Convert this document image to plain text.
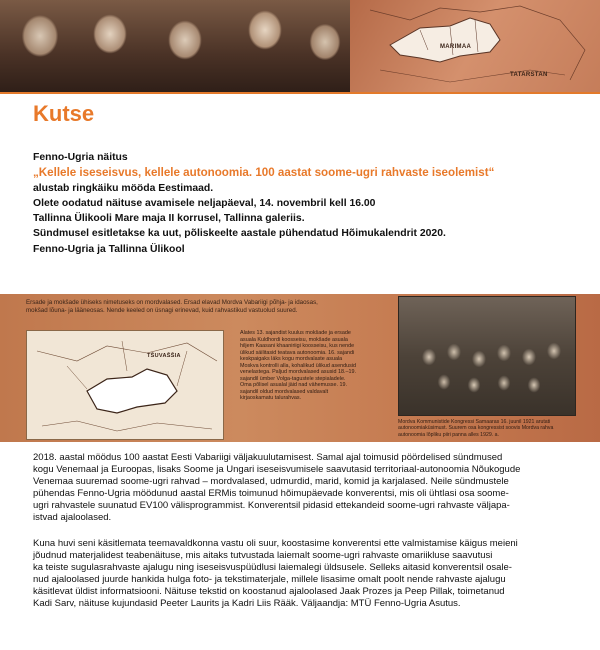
MARIMAA
TATARSTAN
Kutse
Fenno-Ugria näitus
„Kellele iseseisvus, kellele autonoomia. 100 aastat soome-ugri rahvaste iseolemist“
alustab ringkäiku mööda Eestimaad.
Olete oodatud näituse avamisele neljapäeval, 14. novembril kell 16.00
Tallinna Ülikooli Mare maja II korrusel, Tallinna galeriis.
Sündmusel esitletakse ka uut, põliskeelte aastale pühendatud Hõimukalendrit 2020.
Fenno-Ugria ja Tallinna Ülikool
Ersade ja mokšade ühiseks nimetuseks on mordvalased. Ersad elavad Mordva Vabariigi põhja- ja idaosas, mokšad lõuna- ja lääneosas. Nende keeled on üsnagi erinevad, kuid rahvastikud vastuolud suured.
TŠUVAŠŠIA
Alates 13. sajandist kuulus mokšade ja ersade asuala Kuldhordi koosseisu, mokšade asuala hiljem Kaasani khaaniriigi koosseisu, kus nende ülikud säilitasid teatava autonoomia. 16. sajandi keskpaigaks läks kogu mordvalaste asuala Moskva kontrolli alla, kohalikud ülikud asendusid venelastega. Paljud mordvalased asusid 18.–19. sajandil ümber Volga-tagustele stepialadele. Oma põlisel asualal jäid nad vähemusse. 19. sajandil oldud mordvalased valdavalt kirjaoskamatu talurahvas.
Mordva Kommunistide Kongressi Samaaras 16. juunil 1921 arutati autonoomiaküsimust. Suurem osa kongressist soovis Mordva rahva autonoomia lõpliku piiri panna alles 1929. a.
2018. aastal möödus 100 aastat Eesti Vabariigi väljakuulutamisest. Samal ajal toimusid pöördelised sündmused
kogu Venemaal ja Euroopas, lisaks Soome ja Ungari iseseisvumisele saavutasid territoriaal-autonoomia Nõukogude
Venemaa suuremad soome-ugri rahvad – mordvalased, udmurdid, marid, komid ja karjalased. Neile sündmustele
pühendas Fenno-Ugria möödunud aastal ERMis toimunud hõimupäevade konverentsi, mis oli ühtlasi osa soome-
ugri rahvastele suunatud EV100 välisprogrammist. Konverentsil pidasid ettekandeid soome-ugri rahvaste väljapa-
istvad ajaloolased.
Kuna huvi seni käsitlemata teemavaldkonna vastu oli suur, koostasime konverentsi ette valmistamise käigus meieni
jõudnud materjalidest teabenäituse, mis aitaks tutvustada laiemalt soome-ugri rahvaste omariikluse saavutusi
ka teiste sugulasrahvaste ajalugu ning iseseisvuspüüdlusi laiemalegi üldsusele. Selleks aitasid konverentsil osale-
nud ajaloolased juurde hankida hulga foto- ja tekstimaterjale, millele lisasime omalt poolt nende rahvaste ajalugu
käsitlevat üldist informatsiooni. Näituse tekstid on koostanud ajaloolased Jaak Prozes ja Peep Pillak, toimetanud
Kadi Sarv, näituse kujundasid Peeter Laurits ja Kadri Liis Rääk. Väljaandja: MTÜ Fenno-Ugria Asutus.
